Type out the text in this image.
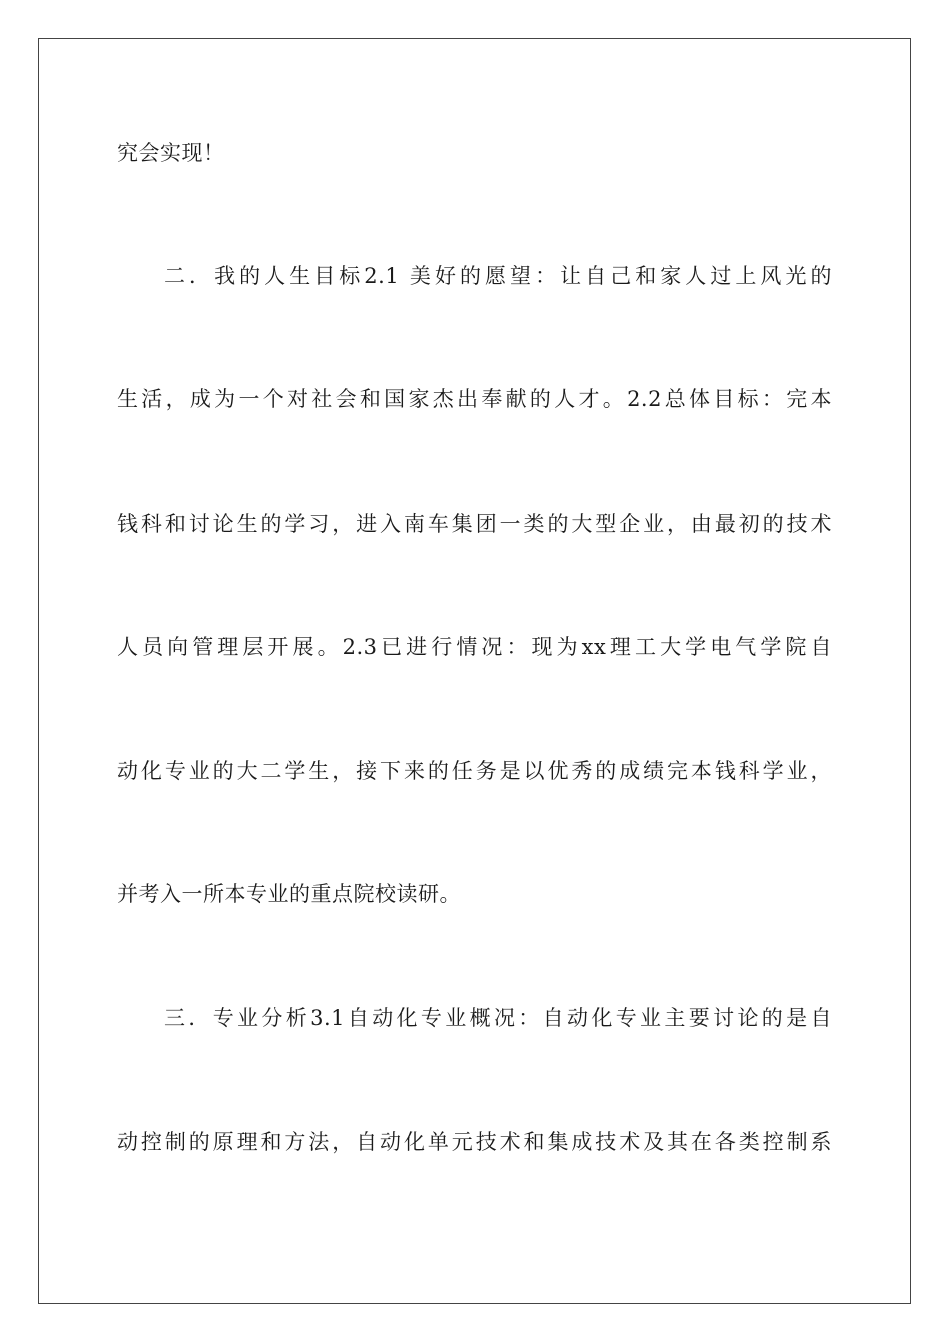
究会实现！
二．我的人生目标2.1 美好的愿望：让自己和家人过上风光的
生活，成为一个对社会和国家杰出奉献的人才。2.2总体目标：完本
钱科和讨论生的学习，进入南车集团一类的大型企业，由最初的技术
人员向管理层开展。2.3已进行情况：现为xx理工大学电气学院自
动化专业的大二学生，接下来的任务是以优秀的成绩完本钱科学业，
并考入一所本专业的重点院校读研。
三．专业分析3.1自动化专业概况：自动化专业主要讨论的是自
动控制的原理和方法，自动化单元技术和集成技术及其在各类控制系
